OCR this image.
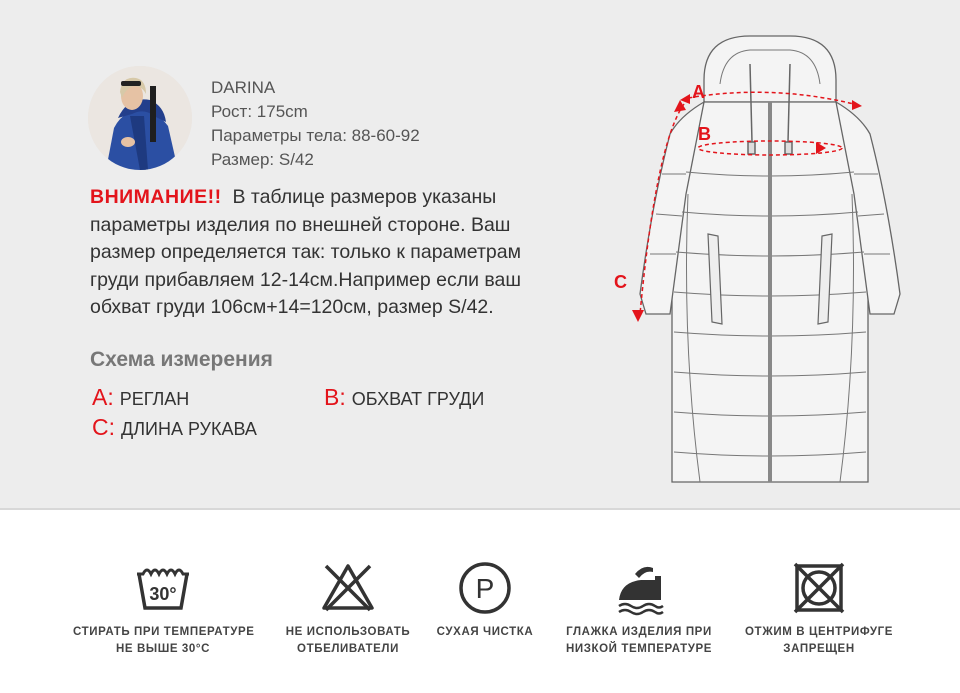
DARINA
Рост: 175cm
Параметры тела: 88-60-92
Размер: S/42
ВНИМАНИЕ!! В таблице размеров указаны
параметры изделия по внешней стороне. Ваш
размер определяется так: только к параметрам
груди прибавляем 12-14см.Например если ваш
обхват груди 106см+14=120см, размер S/42.
Схема измерения
A: РЕГЛАН	B: ОБХВАТ ГРУДИ
C: ДЛИНА РУКАВА
A
B
C
30°
СТИРАТЬ ПРИ ТЕМПЕРАТУРЕ
НЕ ВЫШЕ 30°C
НЕ ИСПОЛЬЗОВАТЬ
ОТБЕЛИВАТЕЛИ
P
СУХАЯ ЧИСТКА	ГЛАЖКА ИЗДЕЛИЯ ПРИ
НИЗКОЙ ТЕМПЕРАТУРЕ
ОТЖИМ В ЦЕНТРИФУГЕ
ЗАПРЕЩЕН
